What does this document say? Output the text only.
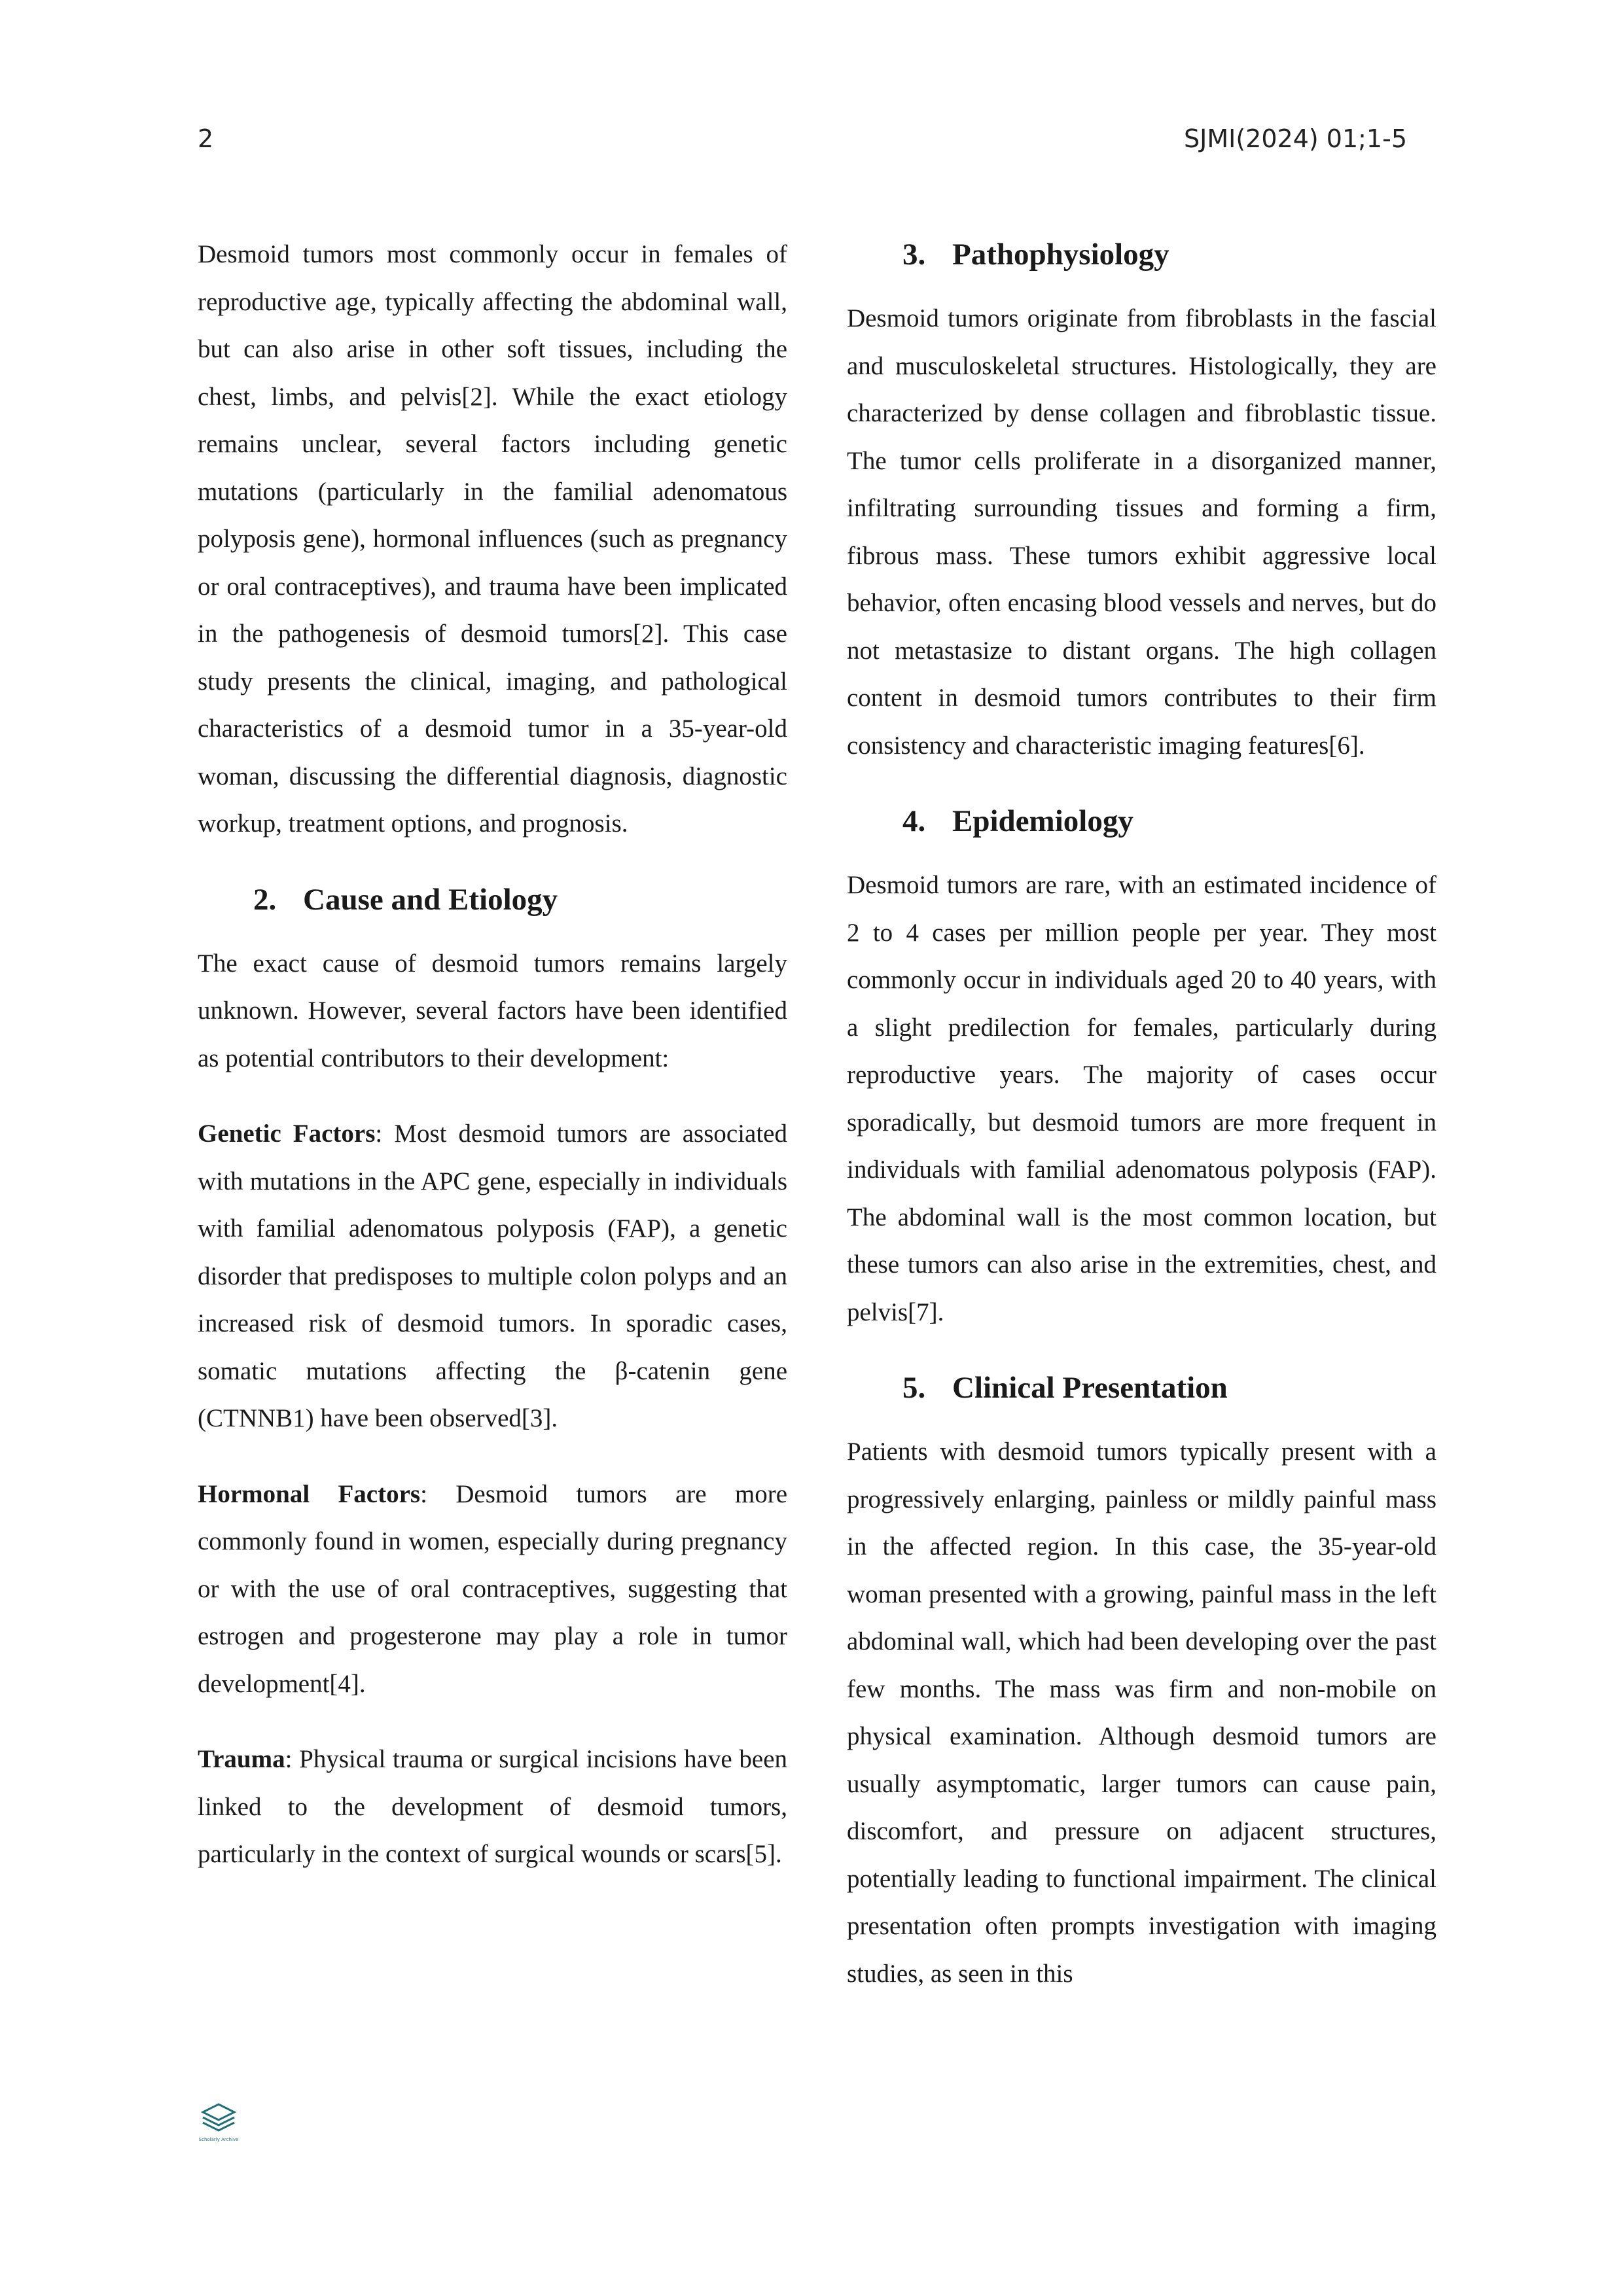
2	SJMI(2024) 01;1-5

Desmoid tumors most commonly occur in females of reproductive age, typically affecting the abdominal wall, but can also arise in other soft tissues, including the chest, limbs, and pelvis[2]. While the exact etiology remains unclear, several factors including genetic mutations (particularly in the familial adenomatous polyposis gene), hormonal influences (such as pregnancy or oral contraceptives), and trauma have been implicated in the pathogenesis of desmoid tumors[2]. This case study presents the clinical, imaging, and pathological characteristics of a desmoid tumor in a 35-year-old woman, discussing the differential diagnosis, diagnostic workup, treatment options, and prognosis.

2. Cause and Etiology

The exact cause of desmoid tumors remains largely unknown. However, several factors have been identified as potential contributors to their development:

Genetic Factors: Most desmoid tumors are associated with mutations in the APC gene, especially in individuals with familial adenomatous polyposis (FAP), a genetic disorder that predisposes to multiple colon polyps and an increased risk of desmoid tumors. In sporadic cases, somatic mutations affecting the β-catenin gene (CTNNB1) have been observed[3].

Hormonal Factors: Desmoid tumors are more commonly found in women, especially during pregnancy or with the use of oral contraceptives, suggesting that estrogen and progesterone may play a role in tumor development[4].

Trauma: Physical trauma or surgical incisions have been linked to the development of desmoid tumors, particularly in the context of surgical wounds or scars[5].

3. Pathophysiology

Desmoid tumors originate from fibroblasts in the fascial and musculoskeletal structures. Histologically, they are characterized by dense collagen and fibroblastic tissue. The tumor cells proliferate in a disorganized manner, infiltrating surrounding tissues and forming a firm, fibrous mass. These tumors exhibit aggressive local behavior, often encasing blood vessels and nerves, but do not metastasize to distant organs. The high collagen content in desmoid tumors contributes to their firm consistency and characteristic imaging features[6].

4. Epidemiology

Desmoid tumors are rare, with an estimated incidence of 2 to 4 cases per million people per year. They most commonly occur in individuals aged 20 to 40 years, with a slight predilection for females, particularly during reproductive years. The majority of cases occur sporadically, but desmoid tumors are more frequent in individuals with familial adenomatous polyposis (FAP). The abdominal wall is the most common location, but these tumors can also arise in the extremities, chest, and pelvis[7].

5. Clinical Presentation

Patients with desmoid tumors typically present with a progressively enlarging, painless or mildly painful mass in the affected region. In this case, the 35-year-old woman presented with a growing, painful mass in the left abdominal wall, which had been developing over the past few months. The mass was firm and non-mobile on physical examination. Although desmoid tumors are usually asymptomatic, larger tumors can cause pain, discomfort, and pressure on adjacent structures, potentially leading to functional impairment. The clinical presentation often prompts investigation with imaging studies, as seen in this

Scholarly Archive
